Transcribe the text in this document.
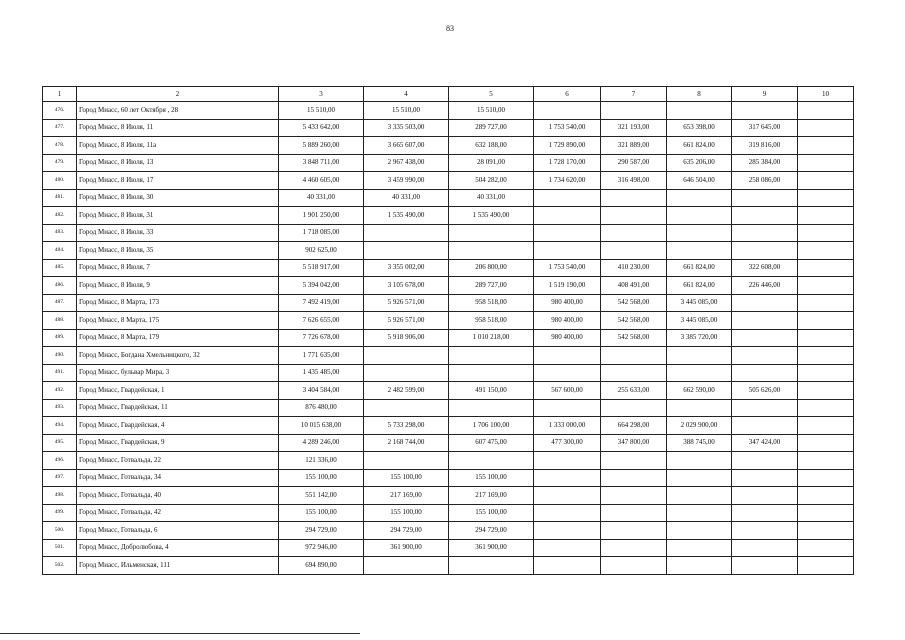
83
1	2	3	4	5	6	7	8	9	10
476.	Город Миасс, 60 лет Октября , 28	15 510,00	15 510,00	15 510,00					
477.	Город Миасс, 8 Июля, 11	5 433 642,00	3 335 503,00	289 727,00	1 753 540,00	321 193,00	653 398,00	317 645,00	
478.	Город Миасс, 8 Июля, 11а	5 889 260,00	3 665 607,00	632 188,00	1 729 890,00	321 889,00	661 824,00	319 816,00	
479.	Город Миасс, 8 Июля, 13	3 848 711,00	2 967 438,00	28 091,00	1 728 170,00	290 587,00	635 206,00	285 384,00	
480.	Город Миасс, 8 Июля, 17	4 460 605,00	3 459 990,00	504 282,00	1 734 620,00	316 498,00	646 504,00	258 086,00	
481.	Город Миасс, 8 Июля, 30	40 331,00	40 331,00	40 331,00					
482.	Город Миасс, 8 Июля, 31	1 901 250,00	1 535 490,00	1 535 490,00					
483.	Город Миасс, 8 Июля, 33	1 718 085,00							
484.	Город Миасс, 8 Июля, 35	902 625,00							
485.	Город Миасс, 8 Июля, 7	5 518 917,00	3 355 002,00	206 800,00	1 753 540,00	410 230,00	661 824,00	322 608,00	
486.	Город Миасс, 8 Июля, 9	5 394 042,00	3 105 678,00	289 727,00	1 519 190,00	408 491,00	661 824,00	226 446,00	
487.	Город Миасс, 8 Марта, 173	7 492 419,00	5 926 571,00	958 518,00	980 400,00	542 568,00	3 445 085,00		
488.	Город Миасс, 8 Марта, 175	7 626 655,00	5 926 571,00	958 518,00	980 400,00	542 568,00	3 445 085,00		
489.	Город Миасс, 8 Марта, 179	7 726 678,00	5 918 906,00	1 010 218,00	980 400,00	542 568,00	3 385 720,00		
490.	Город Миасс, Богдана Хмельницкого, 32	1 771 635,00							
491.	Город Миасс, бульвар Мира, 3	1 435 485,00							
492.	Город Миасс, Гвардейская, 1	3 404 584,00	2 482 599,00	491 150,00	567 600,00	255 633,00	662 590,00	505 626,00	
493.	Город Миасс, Гвардейская, 11	876 480,00							
494.	Город Миасс, Гвардейская, 4	10 015 638,00	5 733 298,00	1 706 100,00	1 333 000,00	664 298,00	2 029 900,00		
495.	Город Миасс, Гвардейская, 9	4 289 246,00	2 168 744,00	607 475,00	477 300,00	347 800,00	388 745,00	347 424,00	
496.	Город Миасс, Готвальда, 22	121 336,00							
497.	Город Миасс, Готвальда, 34	155 100,00	155 100,00	155 100,00					
498.	Город Миасс, Готвальда, 40	551 142,00	217 169,00	217 169,00					
499.	Город Миасс, Готвальда, 42	155 100,00	155 100,00	155 100,00					
500.	Город Миасс, Готвальда, 6	294 729,00	294 729,00	294 729,00					
501.	Город Миасс, Добролюбова, 4	972 946,00	361 900,00	361 900,00					
502.	Город Миасс, Ильменская, 111	694 890,00							
